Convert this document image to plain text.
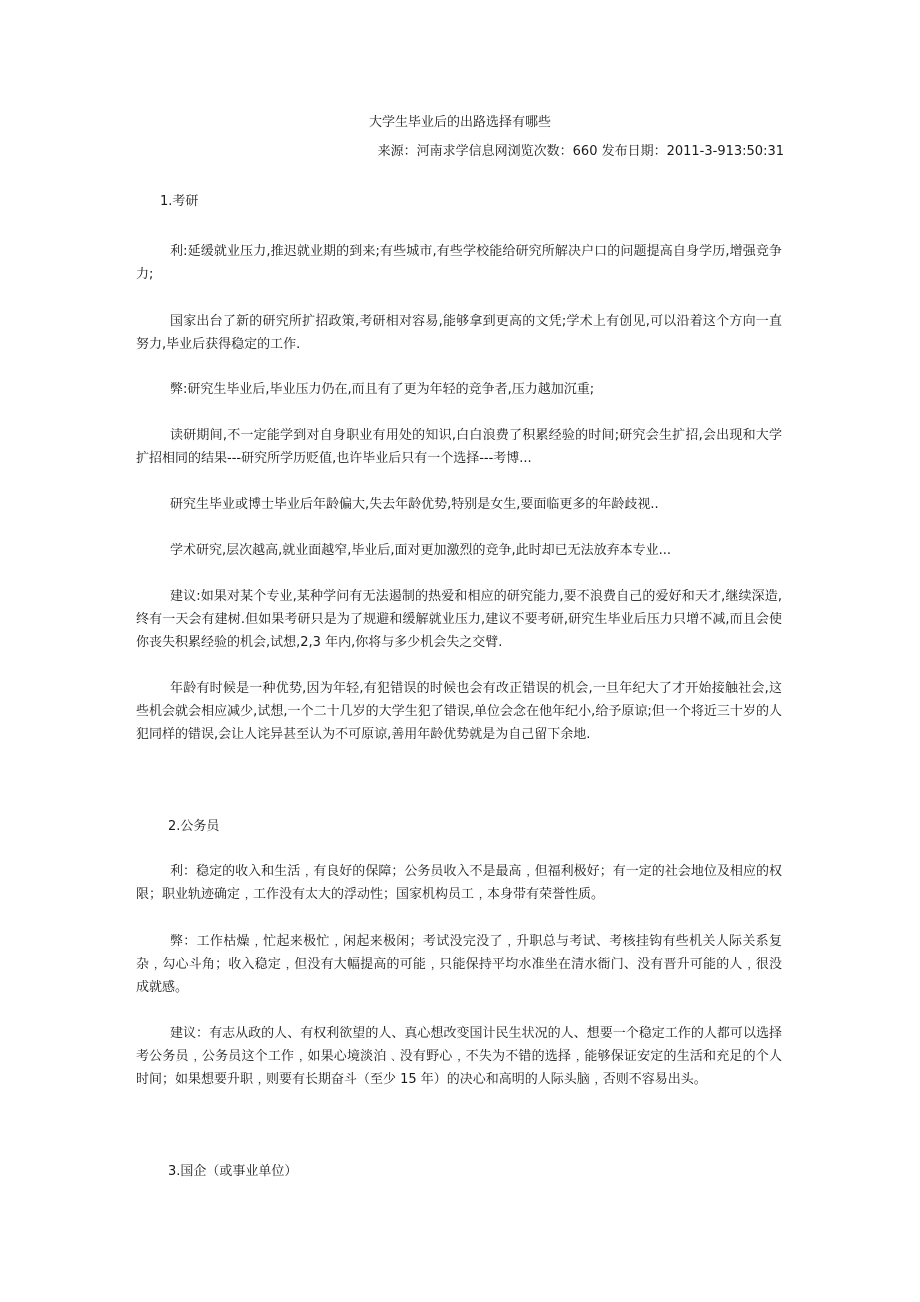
大学生毕业后的出路选择有哪些
来源：河南求学信息网浏览次数：660 发布日期：2011-3-913:50:31
1.考研

利:延缓就业压力,推迟就业期的到来;有些城市,有些学校能给研究所解决户口的问题提高自身学历,增强竞争力;

国家出台了新的研究所扩招政策,考研相对容易,能够拿到更高的文凭;学术上有创见,可以沿着这个方向一直努力,毕业后获得稳定的工作.

弊:研究生毕业后,毕业压力仍在,而且有了更为年轻的竞争者,压力越加沉重;

读研期间,不一定能学到对自身职业有用处的知识,白白浪费了积累经验的时间;研究会生扩招,会出现和大学扩招相同的结果---研究所学历贬值,也许毕业后只有一个选择---考博...

研究生毕业或博士毕业后年龄偏大,失去年龄优势,特别是女生,要面临更多的年龄歧视..

学术研究,层次越高,就业面越窄,毕业后,面对更加激烈的竞争,此时却已无法放弃本专业...

建议:如果对某个专业,某种学问有无法遏制的热爱和相应的研究能力,要不浪费自己的爱好和天才,继续深造,终有一天会有建树.但如果考研只是为了规避和缓解就业压力,建议不要考研,研究生毕业后压力只增不减,而且会使你丧失积累经验的机会,试想,2,3 年内,你将与多少机会失之交臂.

年龄有时候是一种优势,因为年轻,有犯错误的时候也会有改正错误的机会,一旦年纪大了才开始接触社会,这些机会就会相应减少,试想,一个二十几岁的大学生犯了错误,单位会念在他年纪小,给予原谅;但一个将近三十岁的人犯同样的错误,会让人诧异甚至认为不可原谅,善用年龄优势就是为自己留下余地.

2.公务员

利：稳定的收入和生活﹐有良好的保障；公务员收入不是最高﹐但福利极好；有一定的社会地位及相应的权限；职业轨迹确定﹐工作没有太大的浮动性；国家机构员工﹐本身带有荣誉性质。

弊：工作枯燥﹐忙起来极忙﹐闲起来极闲；考试没完没了﹐升职总与考试、考核挂钩有些机关人际关系复杂﹐勾心斗角；收入稳定﹐但没有大幅提高的可能﹐只能保持平均水准坐在清水衙门、没有晋升可能的人﹐很没成就感。

建议：有志从政的人、有权利欲望的人、真心想改变国计民生状况的人、想要一个稳定工作的人都可以选择考公务员﹐公务员这个工作﹐如果心境淡泊﹑没有野心﹐不失为不错的选择﹐能够保证安定的生活和充足的个人时间；如果想要升职﹐则要有长期奋斗（至少 15 年）的决心和高明的人际头脑﹐否则不容易出头。

3.国企（或事业单位）
